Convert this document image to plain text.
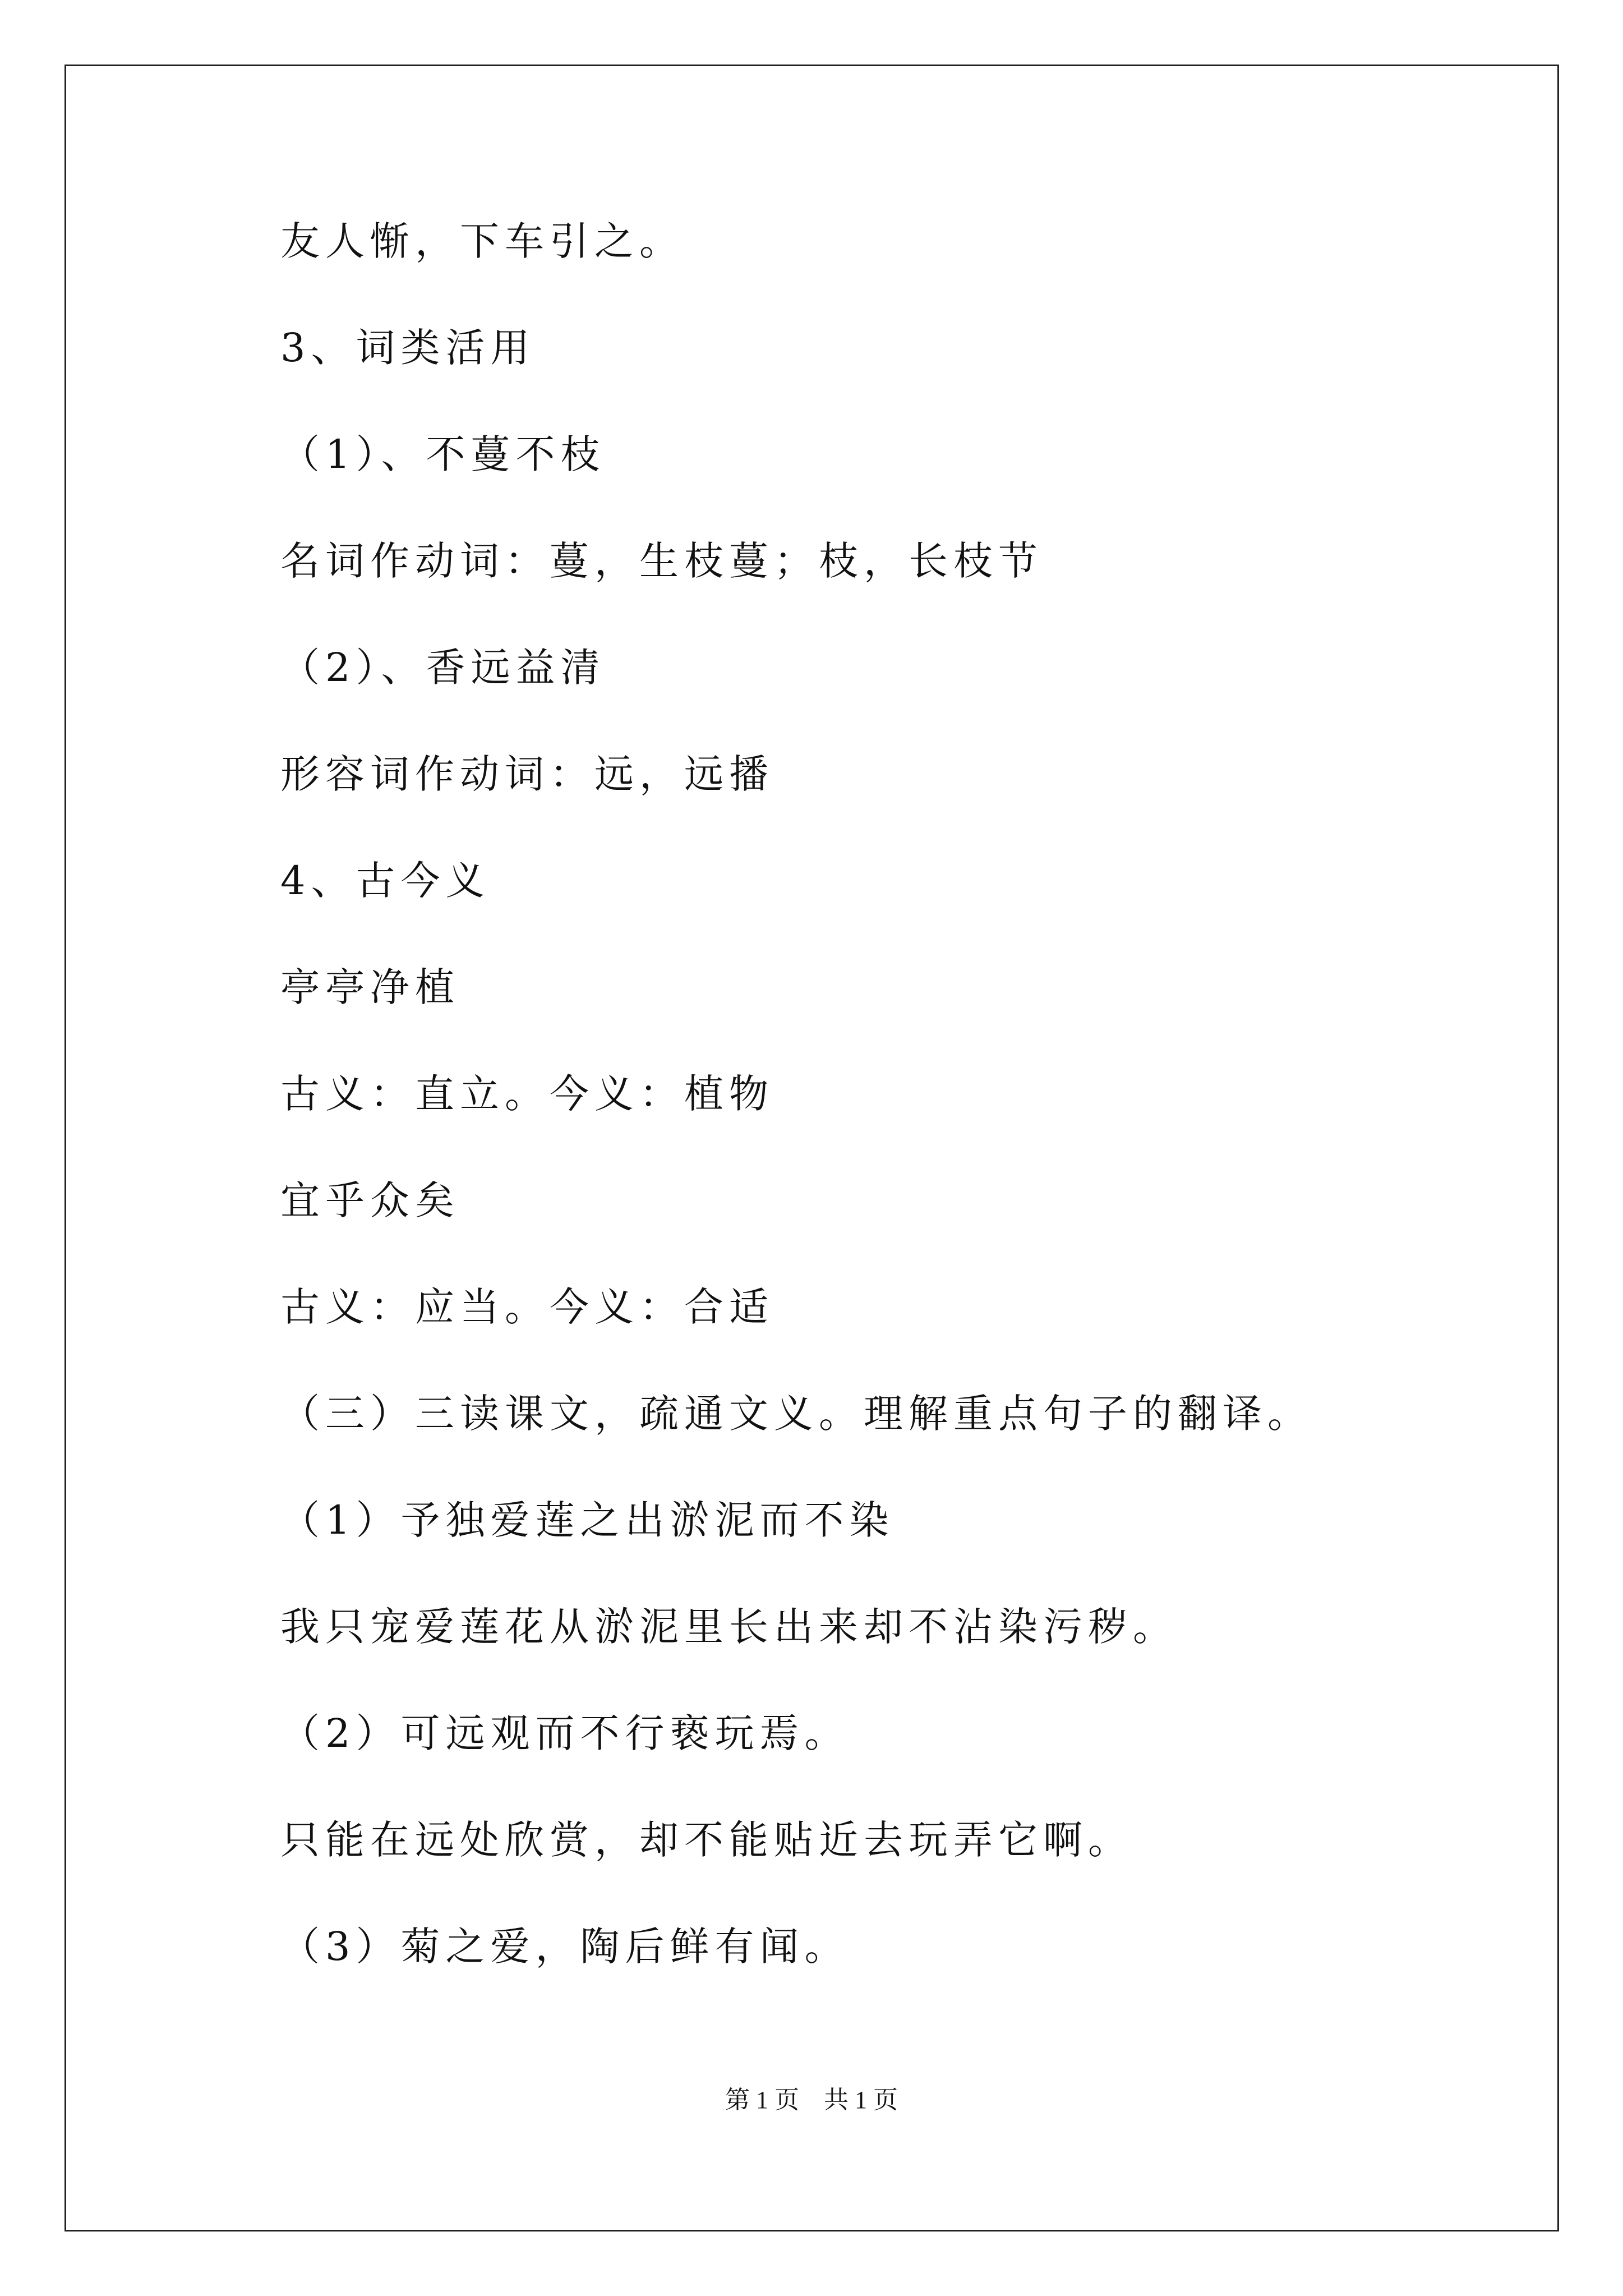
友人惭，下车引之。
3、词类活用
（1）、不蔓不枝
名词作动词：蔓，生枝蔓；枝，长枝节
（2）、香远益清
形容词作动词：远，远播
4、古今义
亭亭净植
古义：直立。今义：植物
宜乎众矣
古义：应当。今义：合适
（三）三读课文，疏通文义。理解重点句子的翻译。
（1）予独爱莲之出淤泥而不染
我只宠爱莲花从淤泥里长出来却不沾染污秽。
（2）可远观而不行亵玩焉。
只能在远处欣赏，却不能贴近去玩弄它啊。
（3）菊之爱，陶后鲜有闻。
第 1 页　共 1 页
